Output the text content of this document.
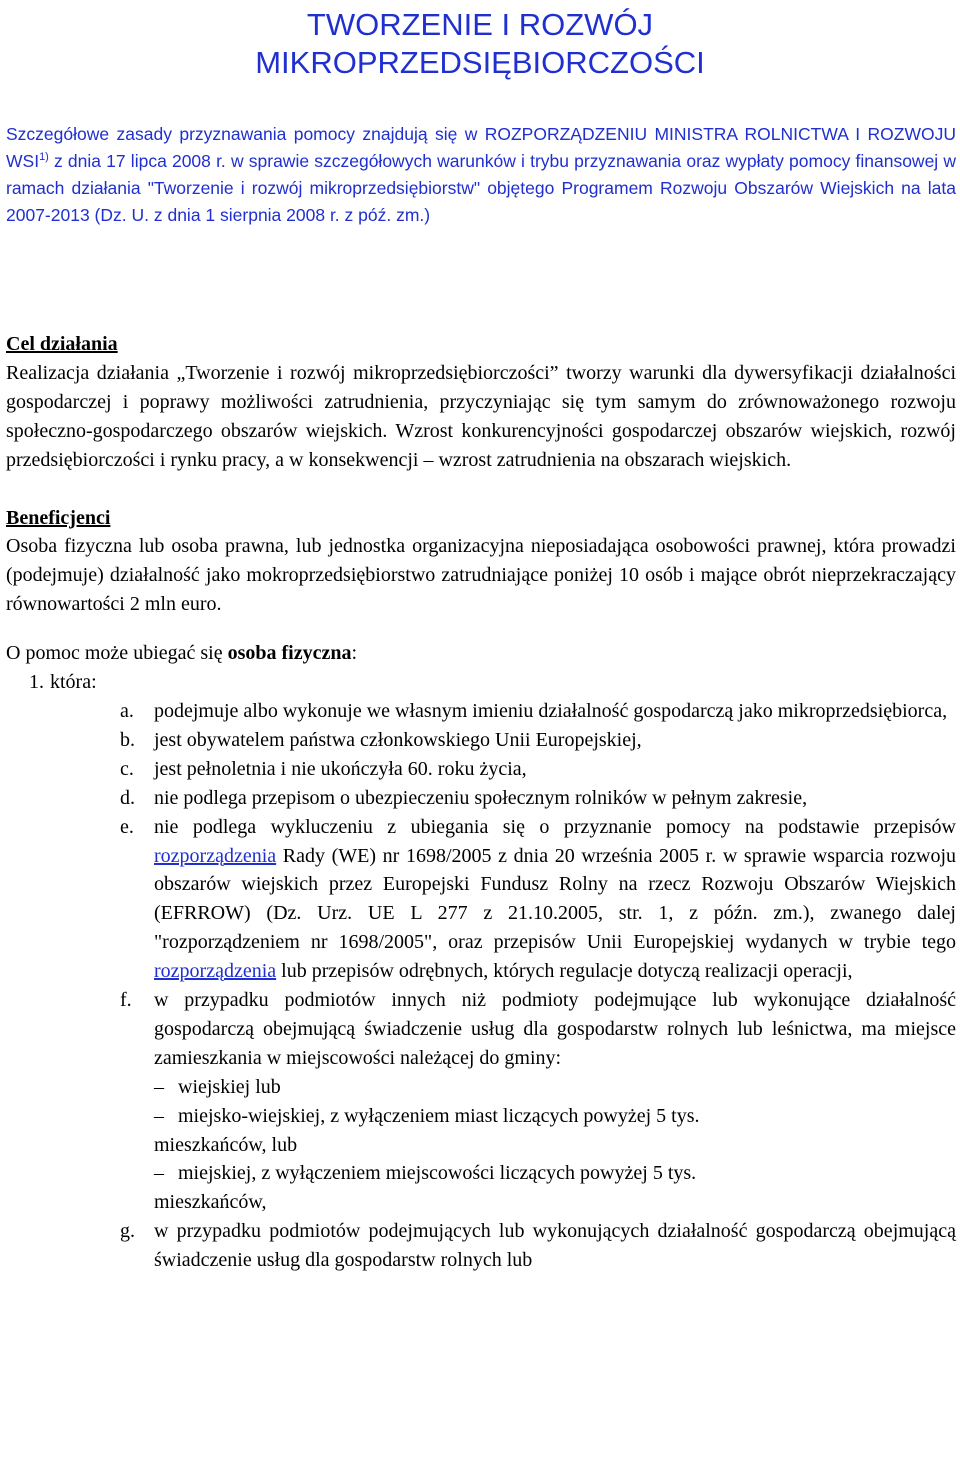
TWORZENIE I ROZWÓJ
MIKROPRZEDSIĘBIORCZOŚCI
Szczegółowe zasady przyznawania pomocy znajdują się w ROZPORZĄDZENIU MINISTRA ROLNICTWA I ROZWOJU WSI$^{1)}$ z dnia 17 lipca 2008 r. w sprawie szczegółowych warunków i trybu przyznawania oraz wypłaty pomocy finansowej w ramach działania "Tworzenie i rozwój mikroprzedsiębiorstw" objętego Programem Rozwoju Obszarów Wiejskich na lata 2007-2013 (Dz. U. z dnia 1 sierpnia 2008 r. z póź. zm.)

Cel działania

Realizacja działania „Tworzenie i rozwój mikroprzedsiębiorczości” tworzy warunki dla dywersyfikacji działalności gospodarczej i poprawy możliwości zatrudnienia, przyczyniając się tym samym do zrównoważonego rozwoju społeczno-gospodarczego obszarów wiejskich. Wzrost konkurencyjności gospodarczej obszarów wiejskich, rozwój przedsiębiorczości i rynku pracy, a w konsekwencji – wzrost zatrudnienia na obszarach wiejskich.

Beneficjenci

Osoba fizyczna lub osoba prawna, lub jednostka organizacyjna nieposiadająca osobowości prawnej, która prowadzi (podejmuje) działalność jako mokroprzedsiębiorstwo zatrudniające poniżej 10 osób i mające obrót nieprzekraczający równowartości 2 mln euro.

O pomoc może ubiegać się osoba fizyczna:

1. która:
a.	podejmuje albo wykonuje we własnym imieniu działalność gospodarczą jako mikroprzedsiębiorca,
b. jest obywatelem państwa członkowskiego Unii Europejskiej,
c.	jest pełnoletnia i nie ukończyła 60. roku życia,
d. nie podlega przepisom o ubezpieczeniu społecznym rolników w pełnym zakresie,
e.	nie podlega wykluczeniu z ubiegania się o przyznanie pomocy na podstawie przepisów rozporządzenia Rady (WE) nr 1698/2005 z dnia 20 września 2005 r. w sprawie wsparcia rozwoju obszarów wiejskich przez Europejski Fundusz Rolny na rzecz Rozwoju Obszarów Wiejskich (EFRROW) (Dz. Urz. UE L 277 z 21.10.2005, str. 1, z późn. zm.), zwanego dalej "rozporządzeniem nr 1698/2005", oraz przepisów Unii Europejskiej wydanych w trybie tego rozporządzenia lub przepisów odrębnych, których regulacje dotyczą realizacji operacji,
f.	w przypadku podmiotów innych niż podmioty podejmujące lub wykonujące działalność gospodarczą obejmującą świadczenie usług dla gospodarstw rolnych lub leśnictwa, ma miejsce zamieszkania w miejscowości należącej do gminy:
– wiejskiej lub
– miejsko-wiejskiej, z wyłączeniem miast liczących powyżej 5 tys.
mieszkańców, lub
– miejskiej, z wyłączeniem miejscowości liczących powyżej 5 tys.
mieszkańców,
g. w przypadku podmiotów podejmujących lub wykonujących działalność gospodarczą obejmującą świadczenie usług dla gospodarstw rolnych lub
